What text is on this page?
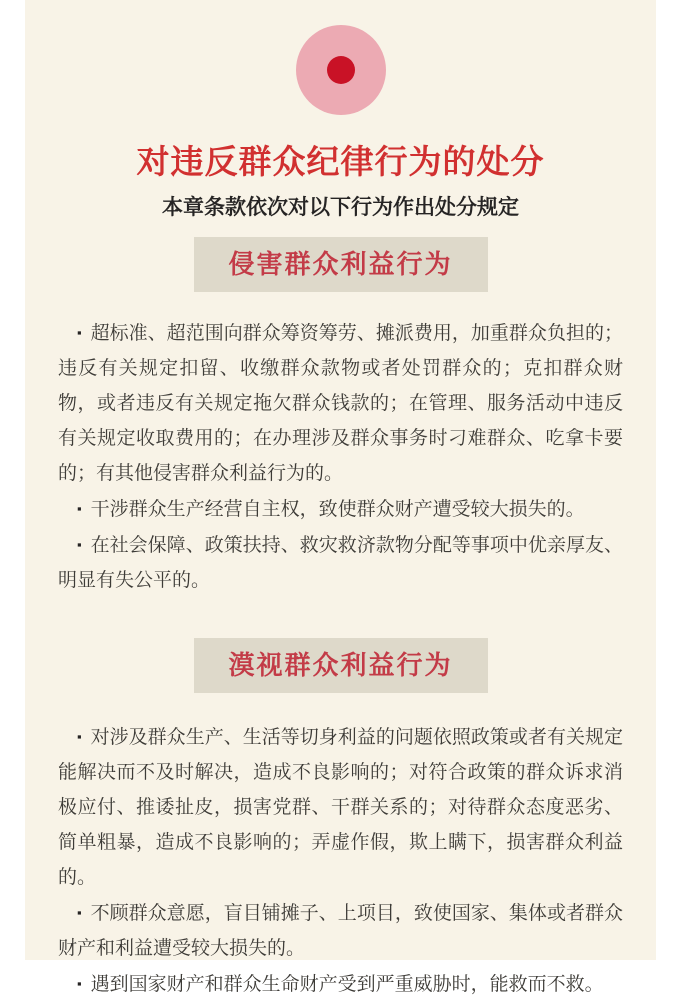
对违反群众纪律行为的处分
本章条款依次对以下行为作出处分规定
侵害群众利益行为

▪ 超标准、超范围向群众筹资筹劳、摊派费用，加重群众负担的；违反有关规定扣留、收缴群众款物或者处罚群众的；克扣群众财物，或者违反有关规定拖欠群众钱款的；在管理、服务活动中违反有关规定收取费用的；在办理涉及群众事务时刁难群众、吃拿卡要的；有其他侵害群众利益行为的。

▪ 干涉群众生产经营自主权，致使群众财产遭受较大损失的。

▪ 在社会保障、政策扶持、救灾救济款物分配等事项中优亲厚友、明显有失公平的。

漠视群众利益行为

▪ 对涉及群众生产、生活等切身利益的问题依照政策或者有关规定能解决而不及时解决，造成不良影响的；对符合政策的群众诉求消极应付、推诿扯皮，损害党群、干群关系的；对待群众态度恶劣、简单粗暴，造成不良影响的；弄虚作假，欺上瞒下，损害群众利益的。

▪ 不顾群众意愿，盲目铺摊子、上项目，致使国家、集体或者群众财产和利益遭受较大损失的。

▪ 遇到国家财产和群众生命财产受到严重威胁时，能救而不救。
